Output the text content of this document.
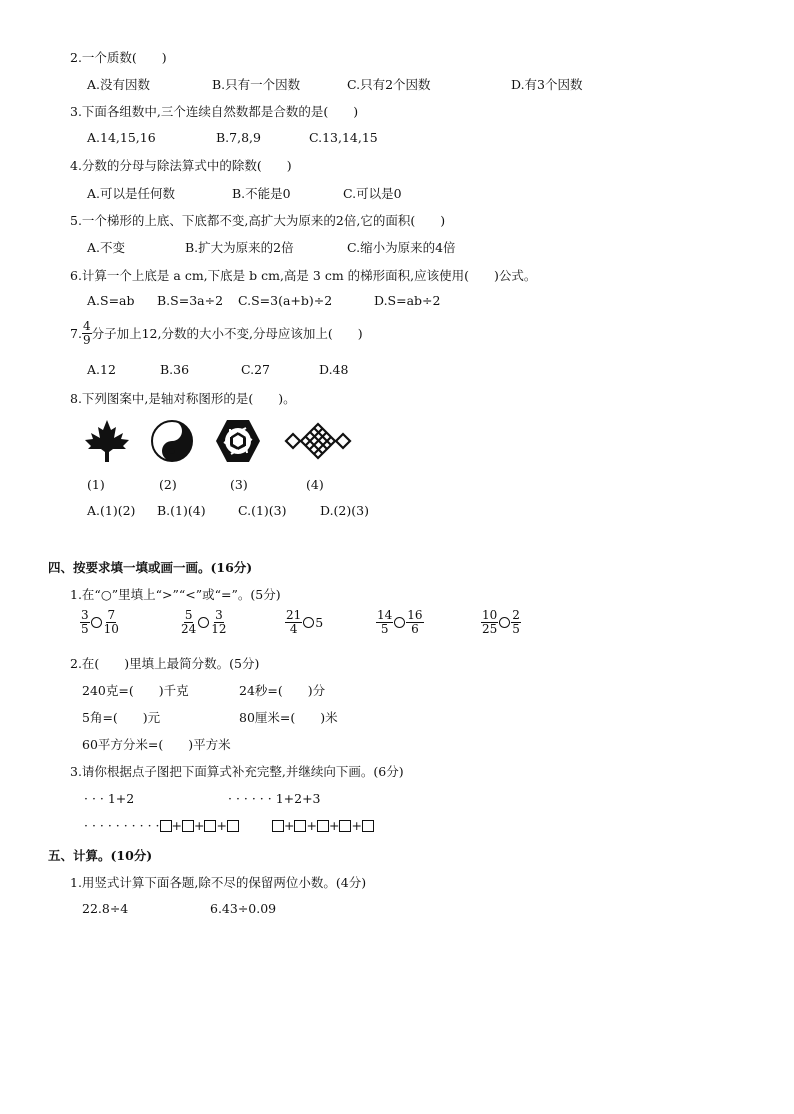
2.一个质数(　　)
A.没有因数	B.只有一个因数	C.只有2个因数	D.有3个因数
3.下面各组数中,三个连续自然数都是合数的是(　　)
A.14,15,16	B.7,8,9	C.13,14,15
4.分数的分母与除法算式中的除数(　　)
A.可以是任何数	B.不能是0	C.可以是0
5.一个梯形的上底、下底都不变,高扩大为原来的2倍,它的面积(　　)
A.不变	B.扩大为原来的2倍	C.缩小为原来的4倍
6.计算一个上底是 a cm,下底是 b cm,高是 3 cm 的梯形面积,应该使用(　　)公式。
A.S=ab B.S=3a÷2 C.S=3(a+b)÷2	D.S=ab÷2
7. $\frac{4}{9}$ 分子加上12,分数的大小不变,分母应该加上(　　)
A.12	B.36	C.27	D.48
8.下列图案中,是轴对称图形的是(　　)。
(1)	(2)	(3)	(4)
A.(1)(2) B.(1)(4)	C.(1)(3)	D.(2)(3)
四、按要求填一填或画一画。(16分)
1.在“○”里填上“>”“<”或“=”。(5分)
$\frac{3}{5} \frac{7}{10}$	$\frac{5}{24} \frac{3}{12}$	$\frac{21}{4} 5$	$\frac{14}{5} \frac{16}{6}$	$\frac{10}{25} \frac{2}{5}$
2.在(　　)里填上最简分数。(5分)
240克=(　　)千克	24秒=(　　)分
5角=(　　)元	80厘米=(　　)米
60平方分米=(　　)平方米
3.请你根据点子图把下面算式补充完整,并继续向下画。(6分)
· · · 1+2	· · · · · · 1+2+3
· · · · · · · · · · + + +	+ + + +
五、计算。(10分)
1.用竖式计算下面各题,除不尽的保留两位小数。(4分)
22.8÷4	6.43÷0.09
